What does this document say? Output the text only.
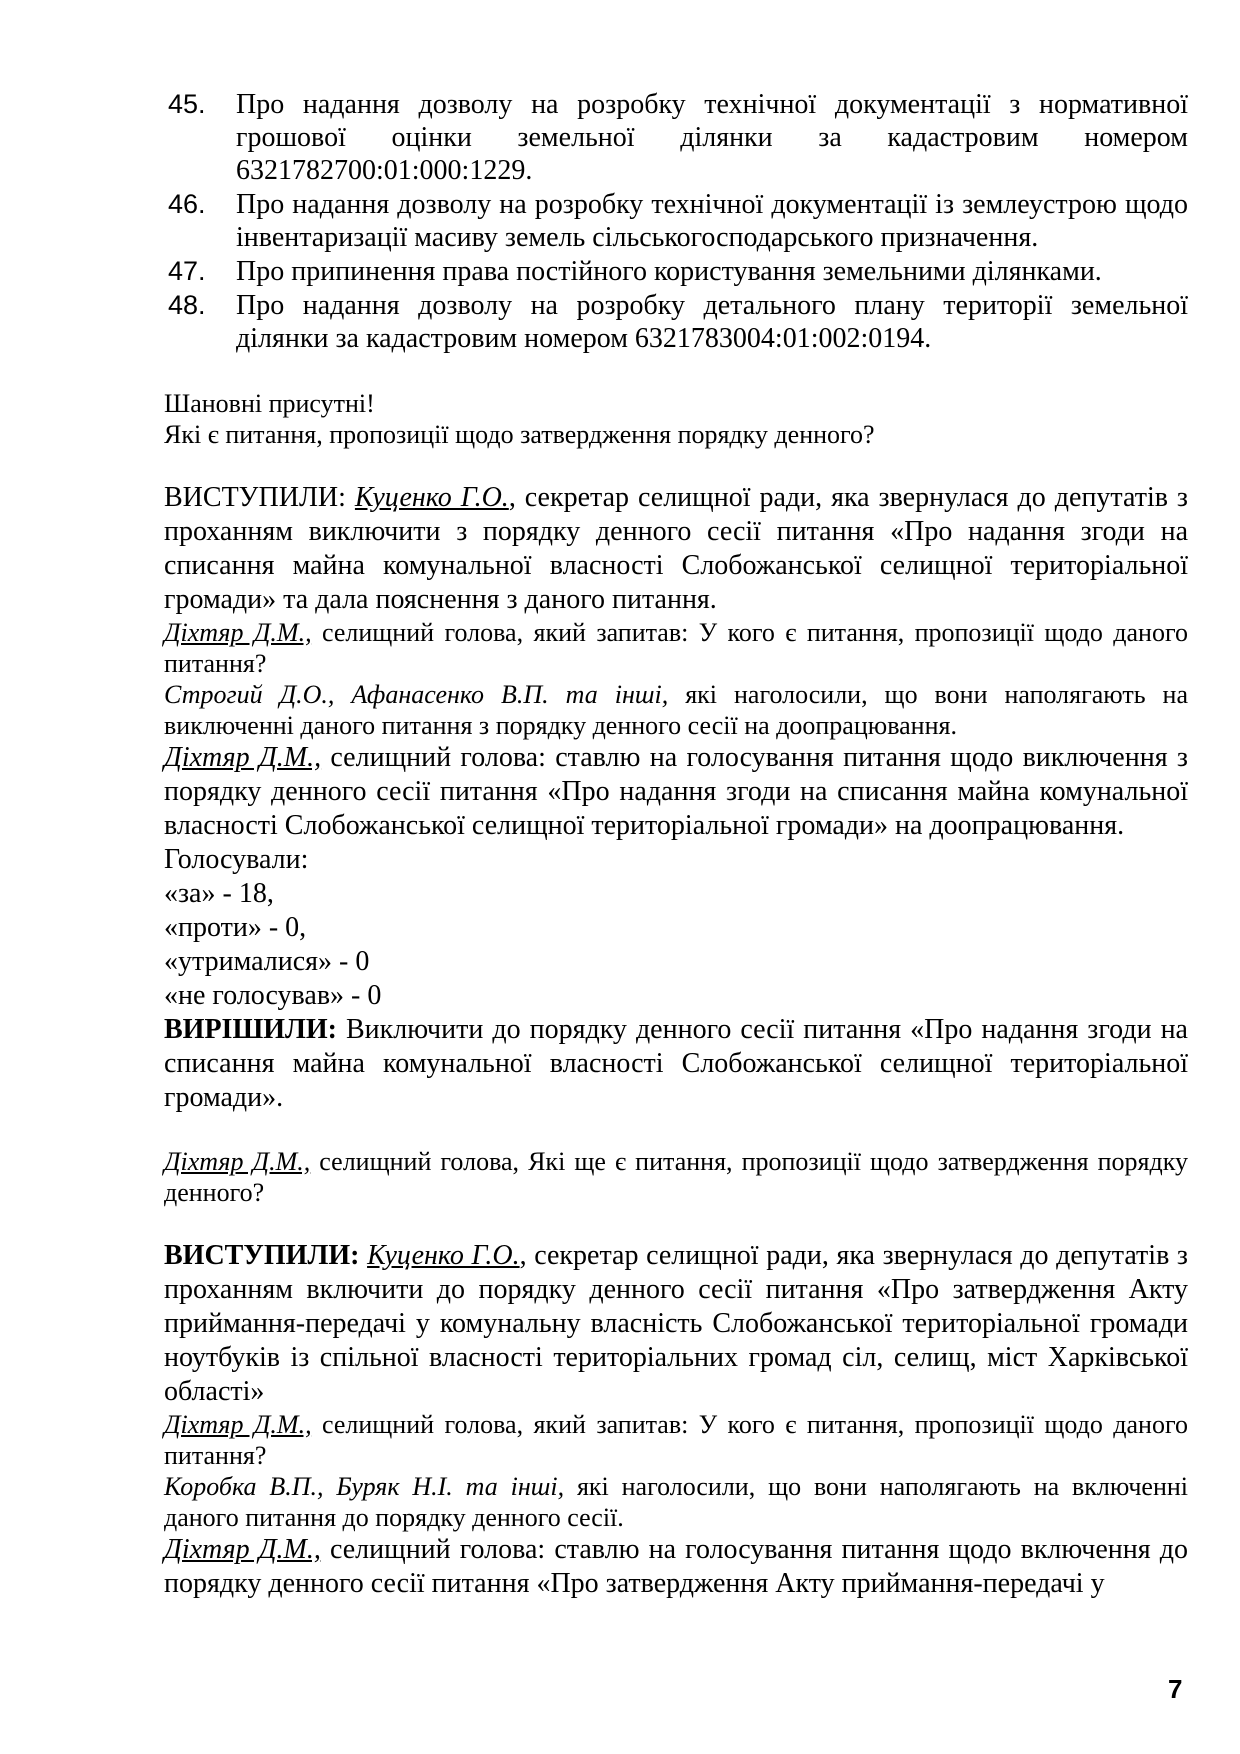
45.	Про надання дозволу на розробку технічної документації з нормативної грошової оцінки земельної ділянки за кадастровим номером 6321782700:01:000:1229.
46.	Про надання дозволу на розробку технічної документації із землеустрою щодо інвентаризації масиву земель сільськогосподарського призначення.
47.	Про припинення права постійного користування земельними ділянками.
48.	Про надання дозволу на розробку детального плану території земельної ділянки за кадастровим номером 6321783004:01:002:0194.

Шановні присутні!

Які є питання, пропозиції щодо затвердження порядку денного?

ВИСТУПИЛИ: Куценко Г.О., секретар селищної ради, яка звернулася до депутатів з проханням виключити з порядку денного сесії питання «Про надання згоди на списання майна комунальної власності Слобожанської селищної територіальної громади» та дала пояснення з даного питання.

Діхтяр Д.М., селищний голова, який запитав: У кого є питання, пропозиції щодо даного питання?

Строгий Д.О., Афанасенко В.П. та інші, які наголосили, що вони наполягають на виключенні даного питання з порядку денного сесії на доопрацювання.

Діхтяр Д.М., селищний голова: ставлю на голосування питання щодо виключення з порядку денного сесії питання «Про надання згоди на списання майна комунальної власності Слобожанської селищної територіальної громади» на доопрацювання.

Голосували:

«за» - 18,

«проти» - 0,

«утрималися» - 0

«не голосував» - 0

ВИРІШИЛИ: Виключити до порядку денного сесії питання «Про надання згоди на списання майна комунальної власності Слобожанської селищної територіальної громади».

Діхтяр Д.М., селищний голова, Які ще є питання, пропозиції щодо затвердження порядку денного?

ВИСТУПИЛИ: Куценко Г.О., секретар селищної ради, яка звернулася до депутатів з проханням включити до порядку денного сесії питання «Про затвердження Акту приймання-передачі у комунальну власність Слобожанської територіальної громади ноутбуків із спільної власності територіальних громад сіл, селищ, міст Харківської області»

Діхтяр Д.М., селищний голова, який запитав: У кого є питання, пропозиції щодо даного питання?

Коробка В.П., Буряк Н.І. та інші, які наголосили, що вони наполягають на включенні даного питання до порядку денного сесії.

Діхтяр Д.М., селищний голова: ставлю на голосування питання щодо включення до порядку денного сесії питання «Про затвердження Акту приймання-передачі у

7
